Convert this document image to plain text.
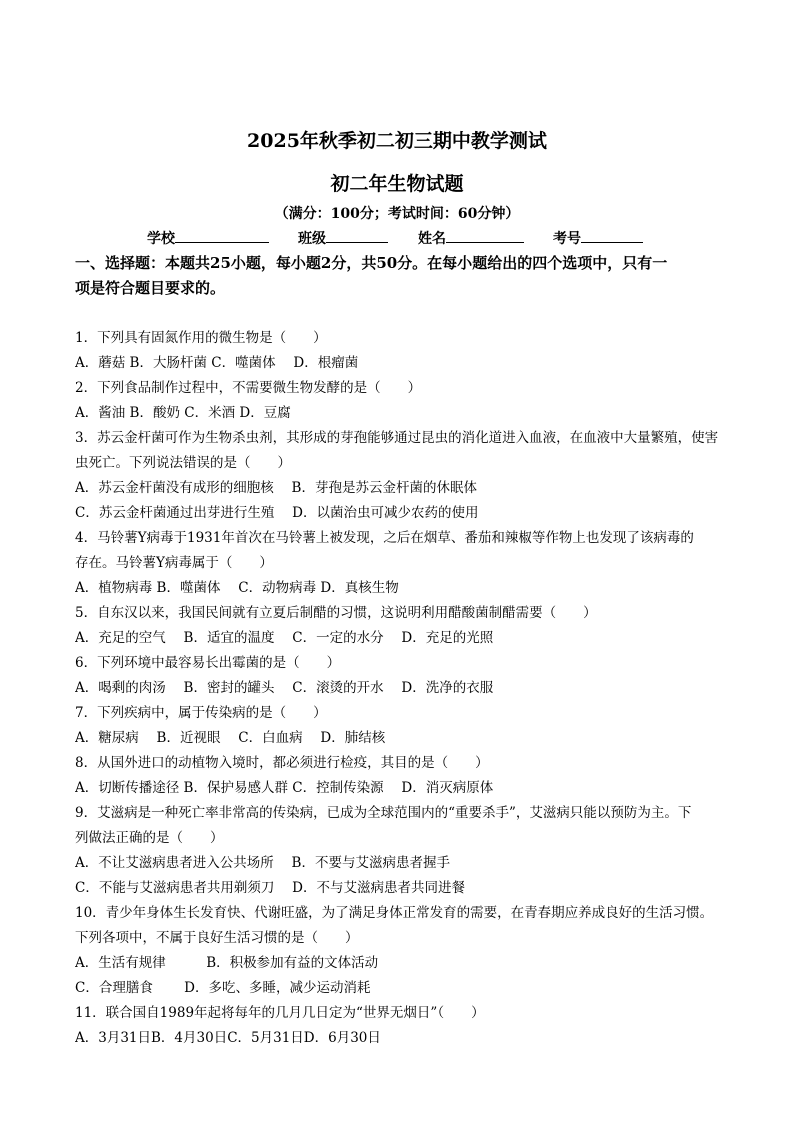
2025年秋季初二初三期中教学测试
初二年生物试题
（满分：100分；考试时间：60分钟）
学校	班级	姓名	考号
一、选择题：本题共25小题，每小题2分，共50分。在每小题给出的四个选项中，只有一
项是符合题目要求的。
1．下列具有固氮作用的微生物是（　　）
A．蘑菇 B．大肠杆菌 C．噬菌体　 D．根瘤菌
2．下列食品制作过程中，不需要微生物发酵的是（　　）
A．酱油 B．酸奶 C．米酒 D．豆腐
3．苏云金杆菌可作为生物杀虫剂，其形成的芽孢能够通过昆虫的消化道进入血液，在血液中大量繁殖，使害
虫死亡。下列说法错误的是（　　）
A．苏云金杆菌没有成形的细胞核　 B．芽孢是苏云金杆菌的休眠体
C．苏云金杆菌通过出芽进行生殖　 D．以菌治虫可减少农药的使用
4．马铃薯Y病毒于1931年首次在马铃薯上被发现，之后在烟草、番茄和辣椒等作物上也发现了该病毒的
存在。马铃薯Y病毒属于（　　）
A．植物病毒 B．噬菌体　 C．动物病毒 D．真核生物
5．自东汉以来，我国民间就有立夏后制醋的习惯，这说明利用醋酸菌制醋需要（　　）
A．充足的空气　 B．适宜的温度　 C．一定的水分　 D．充足的光照
6．下列环境中最容易长出霉菌的是（　　）
A．喝剩的肉汤　 B．密封的罐头　 C．滚烫的开水　 D．洗净的衣服
7．下列疾病中，属于传染病的是（　　）
A．糖尿病　 B．近视眼　 C．白血病　 D．肺结核
8．从国外进口的动植物入境时，都必须进行检疫，其目的是（　　）
A．切断传播途径 B．保护易感人群 C．控制传染源　 D．消灭病原体
9．艾滋病是一种死亡率非常高的传染病，已成为全球范围内的“重要杀手”，艾滋病只能以预防为主。下
列做法正确的是（　　）
A．不让艾滋病患者进入公共场所　 B．不要与艾滋病患者握手
C．不能与艾滋病患者共用剃须刀　 D．不与艾滋病患者共同进餐
10．青少年身体生长发育快、代谢旺盛，为了满足身体正常发育的需要，在青春期应养成良好的生活习惯。
下列各项中，不属于良好生活习惯的是（　　）
A．生活有规律　　　B．积极参加有益的文体活动
C．合理膳食　　 D．多吃、多睡，减少运动消耗
11．联合国自1989年起将每年的几月几日定为“世界无烟日”（　　）
A．3月31日B．4月30日C．5月31日D．6月30日
